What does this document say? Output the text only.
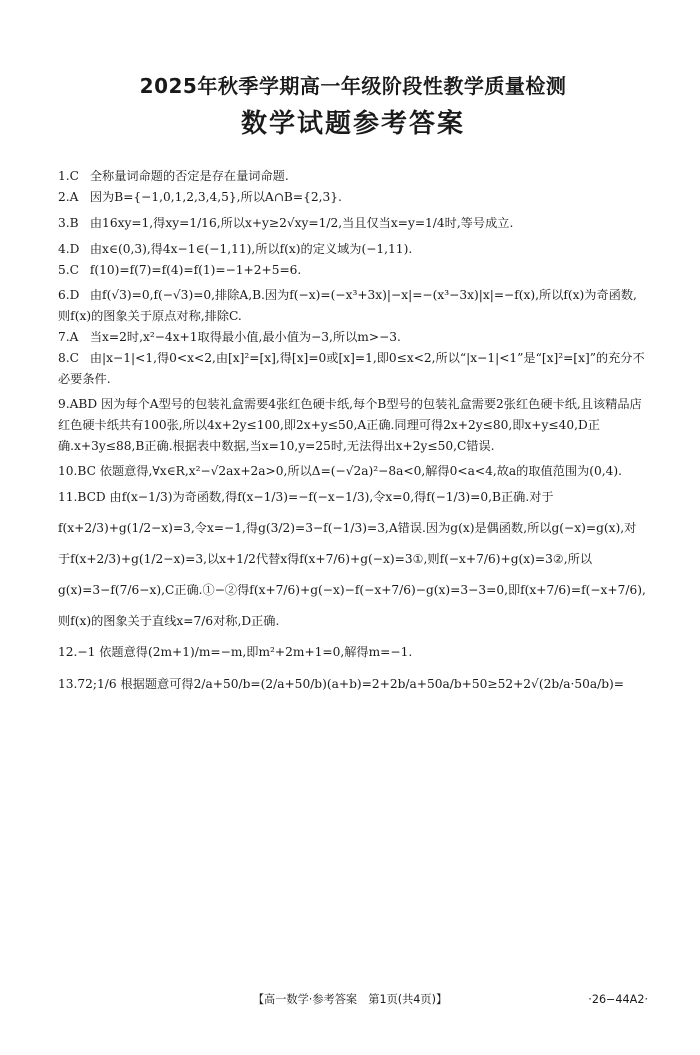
2025年秋季学期高一年级阶段性教学质量检测
数学试题参考答案

1.C 全称量词命题的否定是存在量词命题.

2.A 因为B={−1,0,1,2,3,4,5},所以A∩B={2,3}.

3.B 由16xy=1,得xy=1/16,所以x+y≥2√xy=1/2,当且仅当x=y=1/4时,等号成立.

4.D 由x∈(0,3),得4x−1∈(−1,11),所以f(x)的定义域为(−1,11).

5.C f(10)=f(7)=f(4)=f(1)=−1+2+5=6.

6.D 由f(√3)=0,f(−√3)=0,排除A,B.因为f(−x)=(−x³+3x)|−x|=−(x³−3x)|x|=−f(x),所以f(x)为奇函数,则f(x)的图象关于原点对称,排除C.

7.A 当x=2时,x²−4x+1取得最小值,最小值为−3,所以m>−3.

8.C 由|x−1|<1,得0<x<2,由[x]²=[x],得[x]=0或[x]=1,即0≤x<2,所以“|x−1|<1”是“[x]²=[x]”的充分不必要条件.

9.ABD 因为每个A型号的包装礼盒需要4张红色硬卡纸,每个B型号的包装礼盒需要2张红色硬卡纸,且该精品店红色硬卡纸共有100张,所以4x+2y≤100,即2x+y≤50,A正确.同理可得2x+2y≤80,即x+y≤40,D正确.x+3y≤88,B正确.根据表中数据,当x=10,y=25时,无法得出x+2y≤50,C错误.

10.BC 依题意得,∀x∈R,x²−√2ax+2a>0,所以Δ=(−√2a)²−8a<0,解得0<a<4,故a的取值范围为(0,4).

11.BCD 由f(x−1/3)为奇函数,得f(x−1/3)=−f(−x−1/3),令x=0,得f(−1/3)=0,B正确.对于f(x+2/3)+g(1/2−x)=3,令x=−1,得g(3/2)=3−f(−1/3)=3,A错误.因为g(x)是偶函数,所以g(−x)=g(x),对于f(x+2/3)+g(1/2−x)=3,以x+1/2代替x得f(x+7/6)+g(−x)=3①,则f(−x+7/6)+g(x)=3②,所以g(x)=3−f(7/6−x),C正确.①−②得f(x+7/6)+g(−x)−f(−x+7/6)−g(x)=3−3=0,即f(x+7/6)=f(−x+7/6),则f(x)的图象关于直线x=7/6对称,D正确.

12.−1 依题意得(2m+1)/m=−m,即m²+2m+1=0,解得m=−1.

13.72;1/6 根据题意可得2/a+50/b=(2/a+50/b)(a+b)=2+2b/a+50a/b+50≥52+2√(2b/a·50a/b)=

【高一数学·参考答案　第1页(共4页)】	·26−44A2·
